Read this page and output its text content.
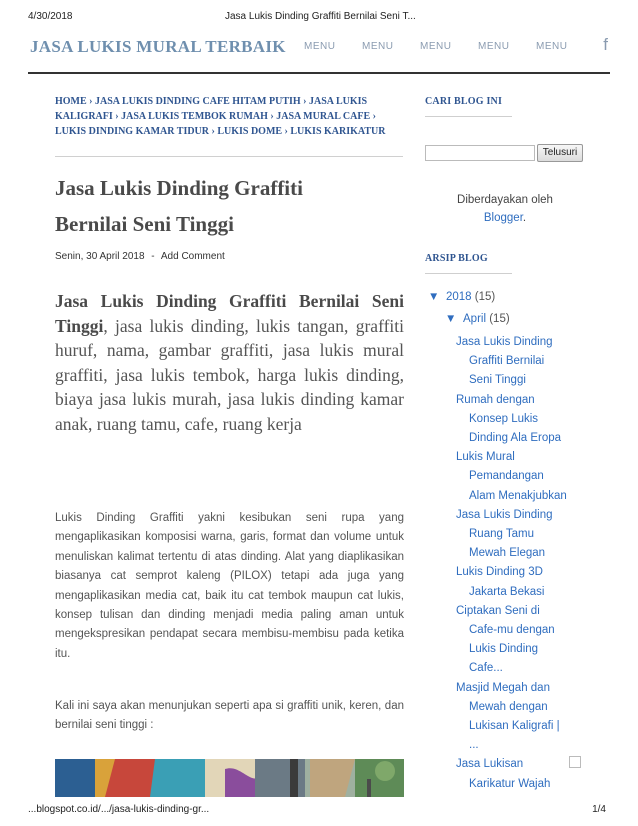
4/30/2018	Jasa Lukis Dinding Graffiti Bernilai Seni T...
JASA LUKIS MURAL TERBAIK MENU	MENU	MENU	MENU	MENU	f
HOME › JASA LUKIS DINDING CAFE HITAM PUTIH › JASA LUKIS KALIGRAFI › JASA LUKIS TEMBOK RUMAH › JASA MURAL CAFE › LUKIS DINDING KAMAR TIDUR › LUKIS DOME › LUKIS KARIKATUR
Jasa Lukis Dinding Graffiti
Bernilai Seni Tinggi
Senin, 30 April 2018 - Add Comment
Jasa Lukis Dinding Graffiti Bernilai Seni Tinggi, jasa lukis dinding, lukis tangan, graffiti huruf, nama, gambar graffiti, jasa lukis mural graffiti, jasa lukis tembok, harga lukis dinding, biaya jasa lukis murah, jasa lukis dinding kamar anak, ruang tamu, cafe, ruang kerja
Lukis Dinding Graffiti yakni kesibukan seni rupa yang mengaplikasikan komposisi warna, garis, format dan volume untuk menuliskan kalimat tertentu di atas dinding. Alat yang diaplikasikan biasanya cat semprot kaleng (PILOX) tetapi ada juga yang mengaplikasikan media cat, baik itu cat tembok maupun cat lukis, konsep tulisan dan dinding menjadi media paling aman untuk mengekspresikan pendapat secara membisu-membisu pada ketika itu.
Kali ini saya akan menunjukan seperti apa si graffiti unik, keren, dan bernilai seni tinggi :
CARI BLOG INI
Telusuri
Diberdayakan oleh
Blogger.
ARSIP BLOG
▼ 2018 (15)
▼ April (15)
Jasa Lukis Dinding
Graffiti Bernilai
Seni Tinggi
Rumah dengan
Konsep Lukis
Dinding Ala Eropa
Lukis Mural
Pemandangan
Alam Menakjubkan
Jasa Lukis Dinding
Ruang Tamu
Mewah Elegan
Lukis Dinding 3D
Jakarta Bekasi
Ciptakan Seni di
Cafe-mu dengan
Lukis Dinding
Cafe...
Masjid Megah dan
Mewah dengan
Lukisan Kaligrafi |
...
Jasa Lukisan
Karikatur Wajah
...blogspot.co.id/.../jasa-lukis-dinding-gr...	1/4
